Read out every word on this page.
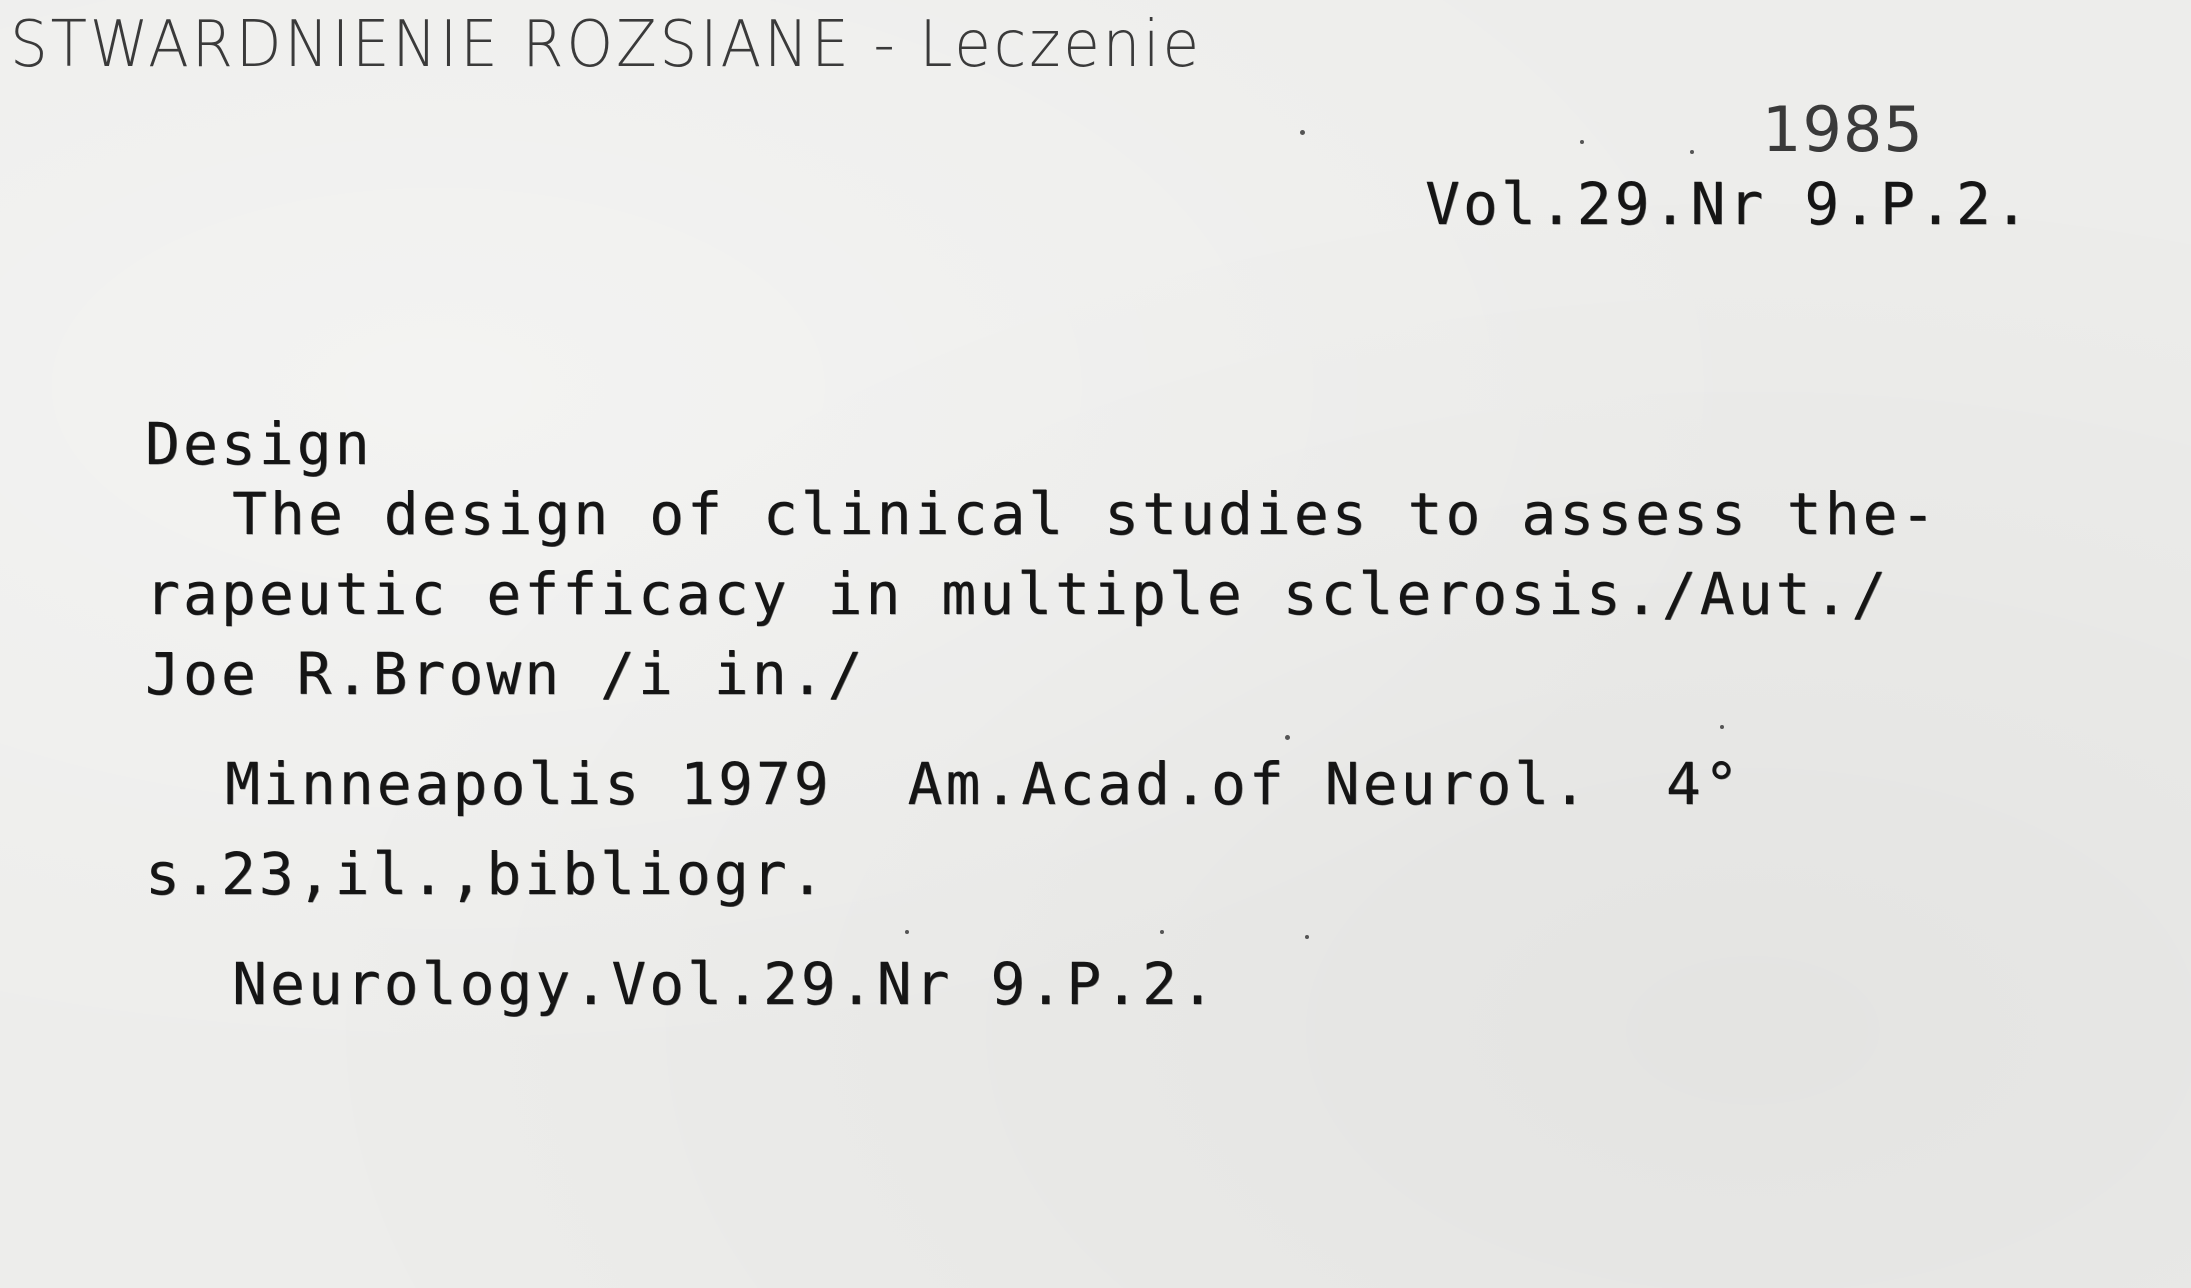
STWARDNIENIE ROZSIANE - Leczenie
1985
Vol.29.Nr 9.P.2.
Design
The design of clinical studies to assess the-
rapeutic efficacy in multiple sclerosis./Aut./
Joe R.Brown /i in./
Minneapolis 1979  Am.Acad.of Neurol.  4°
s.23,il.,bibliogr.
Neurology.Vol.29.Nr 9.P.2.
